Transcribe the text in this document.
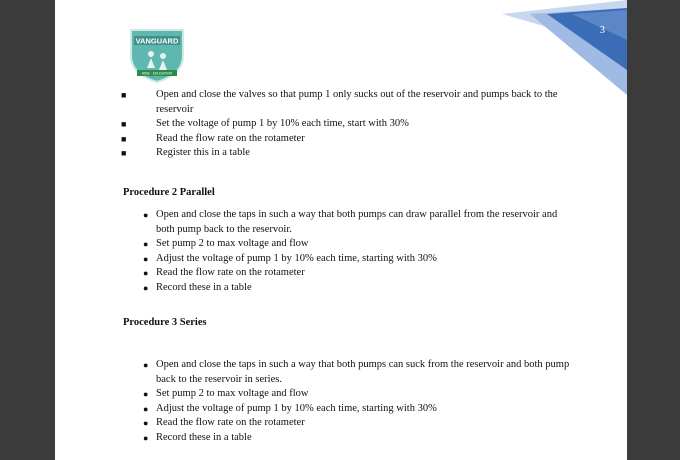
3
VANGUARD
RISE · EDUCATION
■	Open and close the valves so that pump 1 only sucks out of the reservoir and pumps back to the reservoir
■	Set the voltage of pump 1 by 10% each time, start with 30%
■	Read the flow rate on the rotameter
■	Register this in a table
Procedure 2 Parallel
● Open and close the taps in such a way that both pumps can draw parallel from the reservoir and both pump back to the reservoir.
● Set pump 2 to max voltage and flow
● Adjust the voltage of pump 1 by 10% each time, starting with 30%
● Read the flow rate on the rotameter
● Record these in a table
Procedure 3 Series
● Open and close the taps in such a way that both pumps can suck from the reservoir and both pump back to the reservoir in series.
● Set pump 2 to max voltage and flow
● Adjust the voltage of pump 1 by 10% each time, starting with 30%
● Read the flow rate on the rotameter
● Record these in a table
